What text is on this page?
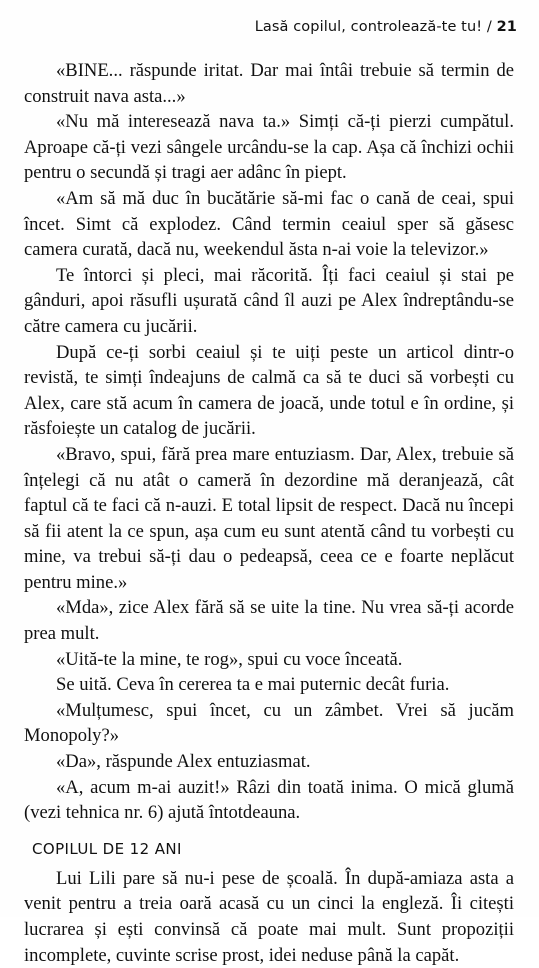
Lasă copilul, controlează-te tu! / 21

«BINE... răspunde iritat. Dar mai întâi trebuie să termin de construit nava asta...»

«Nu mă interesează nava ta.» Simți că-ți pierzi cumpătul. Aproape că-ți vezi sângele urcându-se la cap. Așa că închizi ochii pentru o secundă și tragi aer adânc în piept.

«Am să mă duc în bucătărie să-mi fac o cană de ceai, spui încet. Simt că explodez. Când termin ceaiul sper să găsesc camera curată, dacă nu, weekendul ăsta n-ai voie la televizor.»

Te întorci și pleci, mai răcorită. Îți faci ceaiul și stai pe gânduri, apoi răsufli ușurată când îl auzi pe Alex îndreptându-se către camera cu jucării.

După ce-ți sorbi ceaiul și te uiți peste un articol dintr-o revistă, te simți îndeajuns de calmă ca să te duci să vorbești cu Alex, care stă acum în camera de joacă, unde totul e în ordine, și răsfoiește un catalog de jucării.

«Bravo, spui, fără prea mare entuziasm. Dar, Alex, trebuie să înțelegi că nu atât o cameră în dezordine mă deranjează, cât faptul că te faci că n-auzi. E total lipsit de respect. Dacă nu începi să fii atent la ce spun, așa cum eu sunt atentă când tu vorbești cu mine, va trebui să-ți dau o pedeapsă, ceea ce e foarte neplăcut pentru mine.»

«Mda», zice Alex fără să se uite la tine. Nu vrea să-ți acorde prea mult.

«Uită-te la mine, te rog», spui cu voce înceată.

Se uită. Ceva în cererea ta e mai puternic decât furia.

«Mulțumesc, spui încet, cu un zâmbet. Vrei să jucăm Monopoly?»

«Da», răspunde Alex entuziasmat.

«A, acum m-ai auzit!» Râzi din toată inima. O mică glumă (vezi tehnica nr. 6) ajută întotdeauna.

COPILUL DE 12 ANI

Lui Lili pare să nu-i pese de școală. În după-amiaza asta a venit pentru a treia oară acasă cu un cinci la engleză. Îi citești lucrarea și ești convinsă că poate mai mult. Sunt propoziții incomplete, cuvinte scrise prost, idei neduse până la capăt.
